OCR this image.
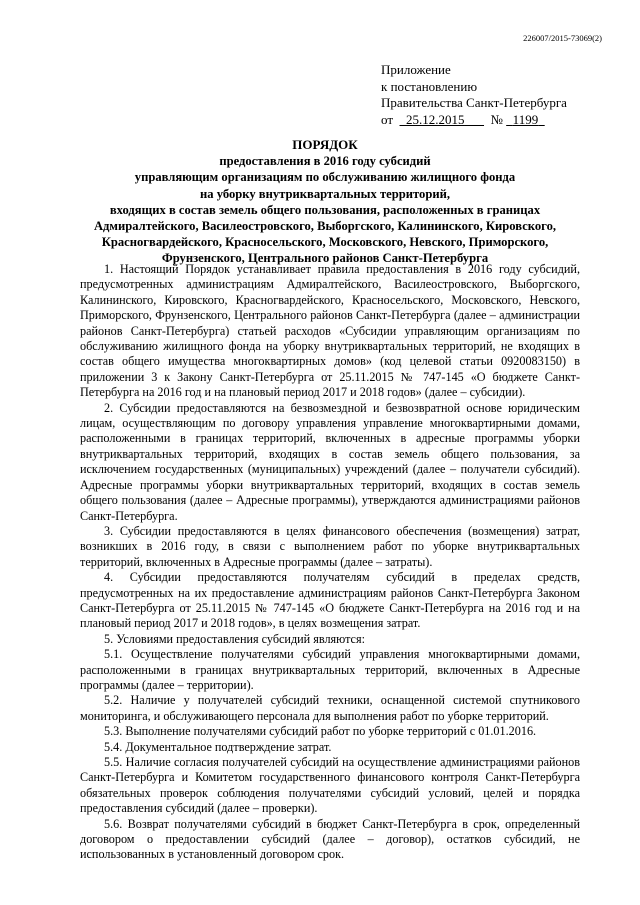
226007/2015-73069(2)
Приложение
к постановлению
Правительства Санкт-Петербурга
от 25.12.2015 № 1199
ПОРЯДОК
предоставления в 2016 году субсидий
управляющим организациям по обслуживанию жилищного фонда
на уборку внутриквартальных территорий,
входящих в состав земель общего пользования, расположенных в границах
Адмиралтейского, Василеостровского, Выборгского, Калининского, Кировского,
Красногвардейского, Красносельского, Московского, Невского, Приморского,
Фрунзенского, Центрального районов Санкт-Петербурга

1. Настоящий Порядок устанавливает правила предоставления в 2016 году субсидий, предусмотренных администрациям Адмиралтейского, Василеостровского, Выборгского, Калининского, Кировского, Красногвардейского, Красносельского, Московского, Невского, Приморского, Фрунзенского, Центрального районов Санкт-Петербурга (далее – администрации районов Санкт-Петербурга) статьей расходов «Субсидии управляющим организациям по обслуживанию жилищного фонда на уборку внутриквартальных территорий, не входящих в состав общего имущества многоквартирных домов» (код целевой статьи 0920083150) в приложении 3 к Закону Санкт-Петербурга от 25.11.2015 № 747-145 «О бюджете Санкт-Петербурга на 2016 год и на плановый период 2017 и 2018 годов» (далее – субсидии).

2. Субсидии предоставляются на безвозмездной и безвозвратной основе юридическим лицам, осуществляющим по договору управления управление многоквартирными домами, расположенными в границах территорий, включенных в адресные программы уборки внутриквартальных территорий, входящих в состав земель общего пользования, за исключением государственных (муниципальных) учреждений (далее – получатели субсидий). Адресные программы уборки внутриквартальных территорий, входящих в состав земель общего пользования (далее – Адресные программы), утверждаются администрациями районов Санкт-Петербурга.

3. Субсидии предоставляются в целях финансового обеспечения (возмещения) затрат, возникших в 2016 году, в связи с выполнением работ по уборке внутриквартальных территорий, включенных в Адресные программы (далее – затраты).

4. Субсидии предоставляются получателям субсидий в пределах средств, предусмотренных на их предоставление администрациям районов Санкт-Петербурга Законом Санкт-Петербурга от 25.11.2015 № 747-145 «О бюджете Санкт-Петербурга на 2016 год и на плановый период 2017 и 2018 годов», в целях возмещения затрат.

5. Условиями предоставления субсидий являются:

5.1. Осуществление получателями субсидий управления многоквартирными домами, расположенными в границах внутриквартальных территорий, включенных в Адресные программы (далее – территории).

5.2. Наличие у получателей субсидий техники, оснащенной системой спутникового мониторинга, и обслуживающего персонала для выполнения работ по уборке территорий.

5.3. Выполнение получателями субсидий работ по уборке территорий с 01.01.2016.

5.4. Документальное подтверждение затрат.

5.5. Наличие согласия получателей субсидий на осуществление администрациями районов Санкт-Петербурга и Комитетом государственного финансового контроля Санкт-Петербурга обязательных проверок соблюдения получателями субсидий условий, целей и порядка предоставления субсидий (далее – проверки).

5.6. Возврат получателями субсидий в бюджет Санкт-Петербурга в срок, определенный договором о предоставлении субсидий (далее – договор), остатков субсидий, не использованных в установленный договором срок.
